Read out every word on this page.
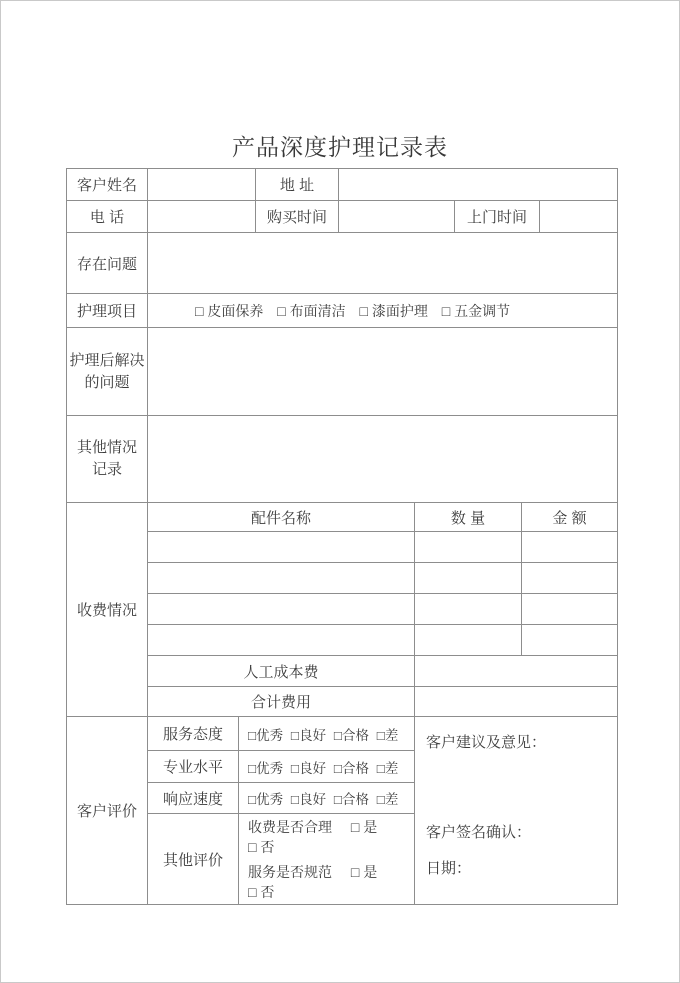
产品深度护理记录表
客户姓名		地 址			
电 话		购买时间		上门时间	
存在问题	
护理项目	□ 皮面保养 □ 布面清洁 □ 漆面护理 □ 五金调节

护理后解决
的问题	

其他情况
记录	

收费情况	配件名称	数 量	金 额

	人工成本费		
	合计费用		
客户评价	服务态度	□优秀 □良好 □合格 □差	客户建议及意见：

客户签名确认：

日期：

	专业水平	□优秀 □良好 □合格 □差	
	响应速度	□优秀 □良好 □合格 □差	
	其他评价	收费是否合理 □ 是 □ 否
服务是否规范 □ 是 □ 否	
